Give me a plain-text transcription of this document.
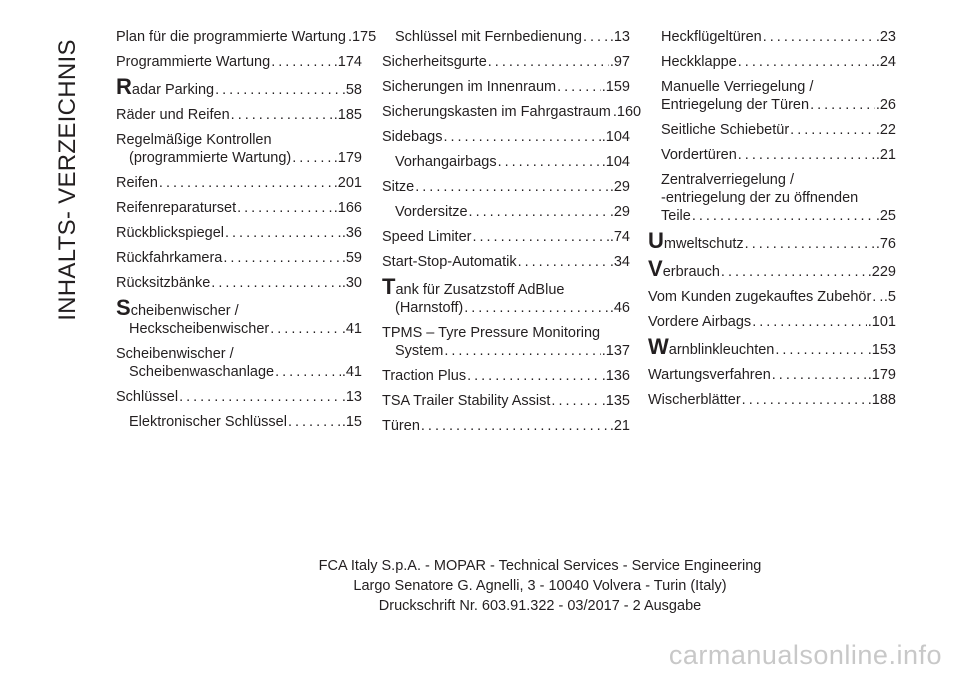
INHALTS- VERZEICHNIS
Plan für die programmierte Wartung .175
Programmierte Wartung .....	.174
Radar Parking .....	.58
Räder und Reifen .....	.185
Regelmäßige Kontrollen
(programmierte Wartung) .....	.179
Reifen .....	.201
Reifenreparaturset .....	.166
Rückblickspiegel .....	.36
Rückfahrkamera .....	.59
Rücksitzbänke .....	.30
Scheibenwischer /
Heckscheibenwischer .....	.41
Scheibenwischer /
Scheibenwaschanlage .....	.41
Schlüssel .....	.13
Elektronischer Schlüssel .....	.15
Schlüssel mit Fernbedienung ..... .13
Sicherheitsgurte .....	.97
Sicherungen im Innenraum .....	.159
Sicherungskasten im Fahrgastraum .160
Sidebags .....	.104
Vorhangairbags .....	.104
Sitze .....	.29
Vordersitze .....	.29
Speed Limiter .....	.74
Start-Stop-Automatik .....	.34
Tank für Zusatzstoff AdBlue
(Harnstoff) .....	.46
TPMS – Tyre Pressure Monitoring
System .....	.137
Traction Plus .....	.136
TSA Trailer Stability Assist .....	.135
Türen .....	.21
Heckflügeltüren .....	.23
Heckklappe .....	.24
Manuelle Verriegelung /
Entriegelung der Türen .....	.26
Seitliche Schiebetür .....	.22
Vordertüren .....	.21
Zentralverriegelung /
-entriegelung der zu öffnenden
Teile .....	.25
Umweltschutz .....	.76
Verbrauch .....	.229
Vom Kunden zugekauftes Zubehör ..... .5
Vordere Airbags .....	.101
Warnblinkleuchten .....	.153
Wartungsverfahren .....	.179
Wischerblätter .....	.188
FCA Italy S.p.A. - MOPAR - Technical Services - Service Engineering
Largo Senatore G. Agnelli, 3 - 10040 Volvera - Turin (Italy)
Druckschrift Nr. 603.91.322 - 03/2017 - 2 Ausgabe
carmanualsonline.info
